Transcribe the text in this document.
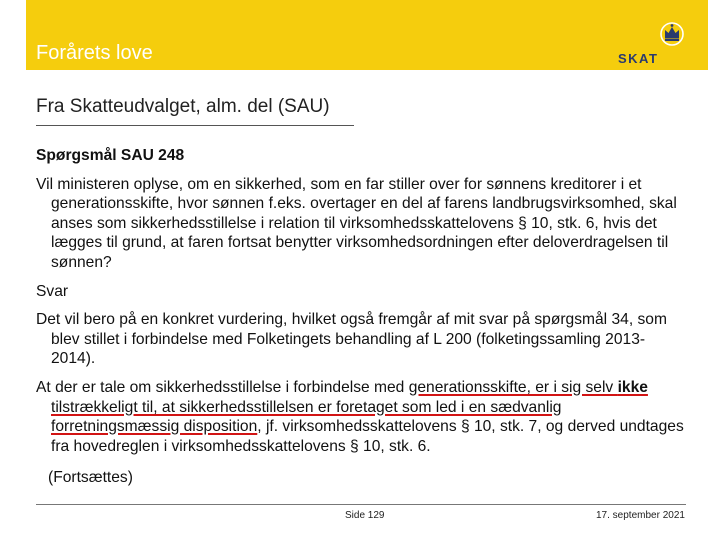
Forårets love	SKAT
Fra Skatteudvalget, alm. del (SAU)

Spørgsmål SAU 248

Vil ministeren oplyse, om en sikkerhed, som en far stiller over for sønnens kreditorer i et generationsskifte, hvor sønnen f.eks. overtager en del af farens landbrugsvirksomhed, skal anses som sikkerhedsstillelse i relation til virksomhedsskattelovens § 10, stk. 6, hvis det lægges til grund, at faren fortsat benytter virksomhedsordningen efter deloverdragelsen til sønnen?

Svar

Det vil bero på en konkret vurdering, hvilket også fremgår af mit svar på spørgsmål 34, som blev stillet i forbindelse med Folketingets behandling af L 200 (folketingssamling 2013-2014).

At der er tale om sikkerhedsstillelse i forbindelse med generationsskifte, er i sig selv ikke tilstrækkeligt til, at sikkerhedsstillelsen er foretaget som led i en sædvanlig forretningsmæssig disposition, jf. virksomhedsskattelovens § 10, stk. 7, og derved undtages fra hovedreglen i virksomhedsskattelovens § 10, stk. 6.

(Fortsættes)

Side 129	17. september 2021
